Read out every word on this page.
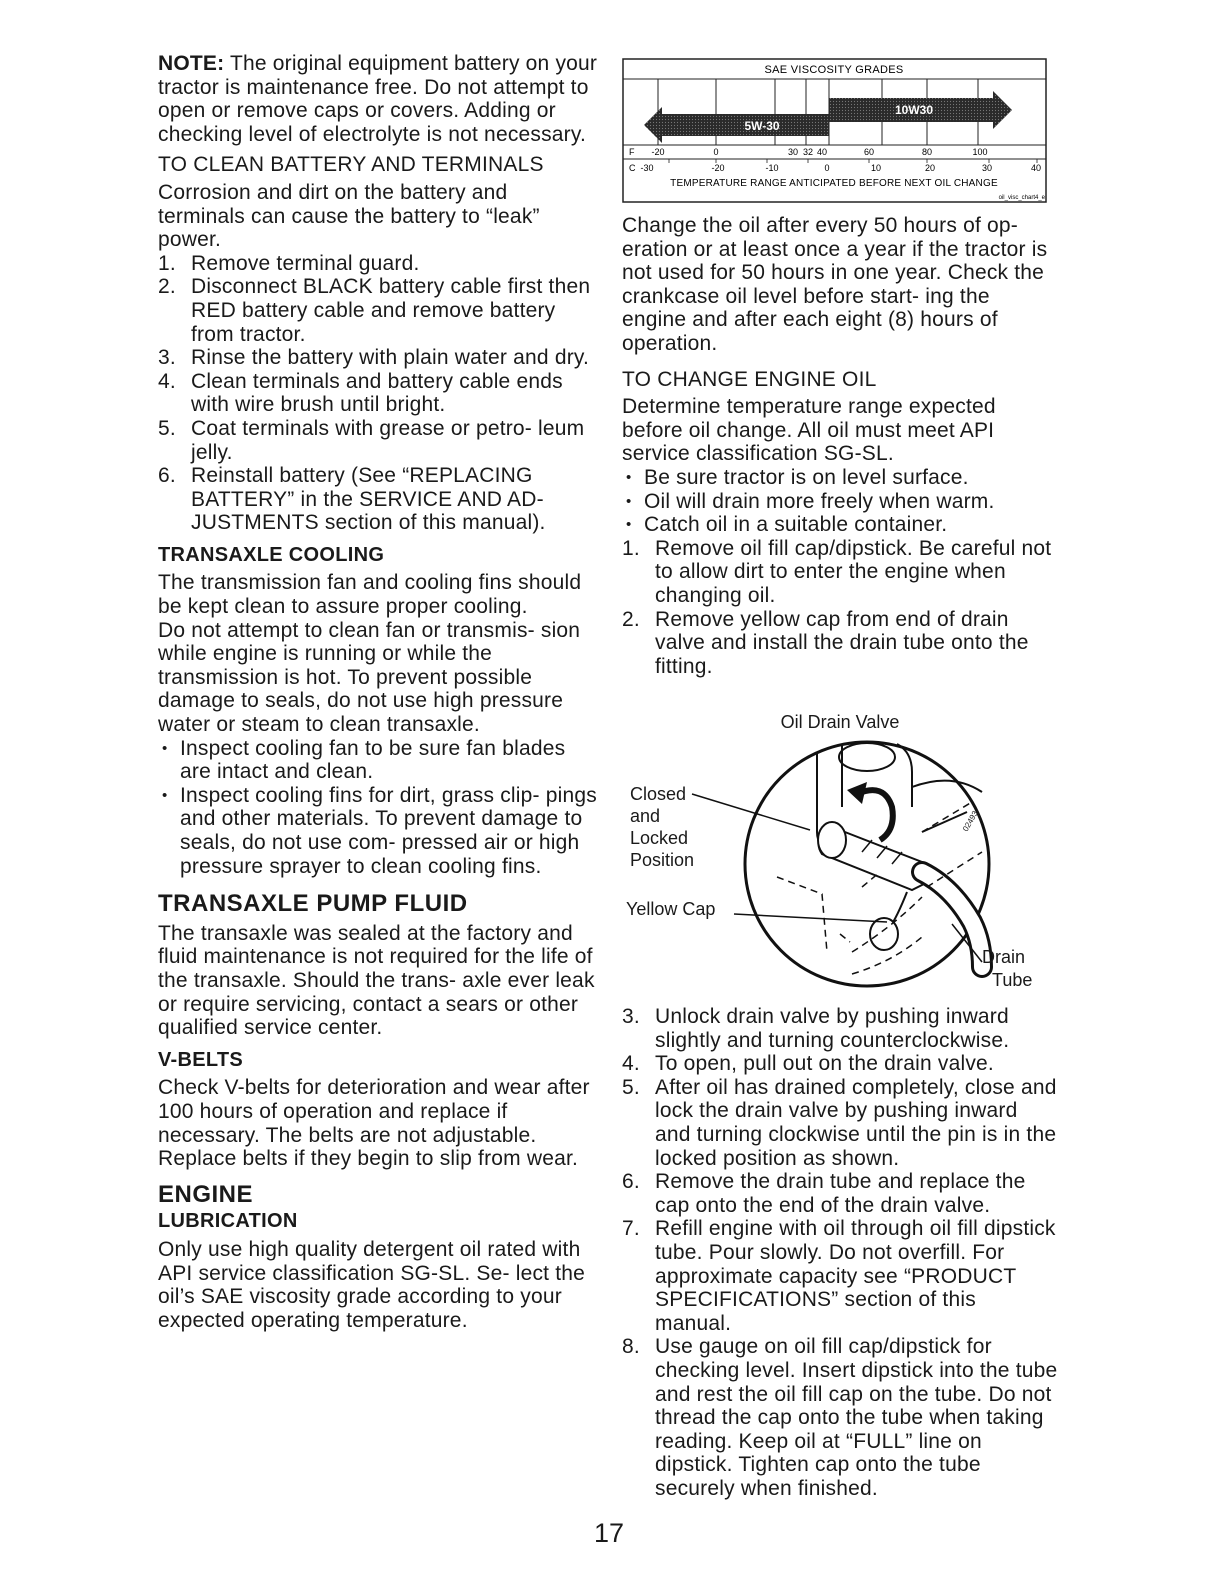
NOTE: The original equipment battery on your tractor is maintenance free. Do not attempt to open or remove caps or covers. Adding or checking level of electrolyte is not necessary.

TO CLEAN BATTERY AND TERMINALS

Corrosion and dirt on the battery and terminals can cause the battery to “leak” power.

1. Remove terminal guard.
2. Disconnect BLACK battery cable first then RED battery cable and remove battery from tractor.
3. Rinse the battery with plain water and dry.
4. Clean terminals and battery cable ends with wire brush until bright.
5. Coat terminals with grease or petro- leum jelly.
6. Reinstall battery (See “REPLACING BATTERY” in the SERVICE AND AD- JUSTMENTS section of this manual).
TRANSAXLE COOLING

The transmission fan and cooling fins should be kept clean to assure proper cooling.

Do not attempt to clean fan or transmis- sion while engine is running or while the transmission is hot. To prevent possible damage to seals, do not use high pressure water or steam to clean transaxle.

• Inspect cooling fan to be sure fan blades are intact and clean.
• Inspect cooling fins for dirt, grass clip- pings and other materials. To prevent damage to seals, do not use com- pressed air or high pressure sprayer to clean cooling fins.
TRANSAXLE PUMP FLUID

The transaxle was sealed at the factory and fluid maintenance is not required for the life of the transaxle. Should the trans- axle ever leak or require servicing, contact a sears or other qualified service center.

V-BELTS

Check V-belts for deterioration and wear after 100 hours of operation and replace if necessary. The belts are not adjustable. Replace belts if they begin to slip from wear.

ENGINE
LUBRICATION

Only use high quality detergent oil rated with API service classification SG-SL. Se- lect the oil’s SAE viscosity grade according to your expected operating temperature.

SAE VISCOSITY GRADES
10W30
5W-30
F -20	0	30 32 40	60	80	100
C -30	-20	-10	0	10	20	30	40
TEMPERATURE RANGE ANTICIPATED BEFORE NEXT OIL CHANGE
oil_visc_chart4_e

Change the oil after every 50 hours of op- eration or at least once a year if the tractor is not used for 50 hours in one year. Check the crankcase oil level before start- ing the engine and after each eight (8) hours of operation.

TO CHANGE ENGINE OIL

Determine temperature range expected before oil change. All oil must meet API service classification SG-SL.

• Be sure tractor is on level surface.
• Oil will drain more freely when warm.
• Catch oil in a suitable container.
1. Remove oil fill cap/dipstick. Be careful not to allow dirt to enter the engine when changing oil.
2. Remove yellow cap from end of drain valve and install the drain tube onto the fitting.
Oil Drain Valve
Closed
and
Locked
Position
Yellow Cap
Drain
Tube
02493
3. Unlock drain valve by pushing inward slightly and turning counterclockwise.
4. To open, pull out on the drain valve.
5. After oil has drained completely, close and lock the drain valve by pushing inward and turning clockwise until the pin is in the locked position as shown.
6. Remove the drain tube and replace the cap onto the end of the drain valve.
7. Refill engine with oil through oil fill dipstick tube. Pour slowly. Do not overfill. For approximate capacity see “PRODUCT SPECIFICATIONS” section of this manual.
8. Use gauge on oil fill cap/dipstick for checking level. Insert dipstick into the tube and rest the oil fill cap on the tube. Do not thread the cap onto the tube when taking reading. Keep oil at “FULL” line on dipstick. Tighten cap onto the tube securely when finished.
17
